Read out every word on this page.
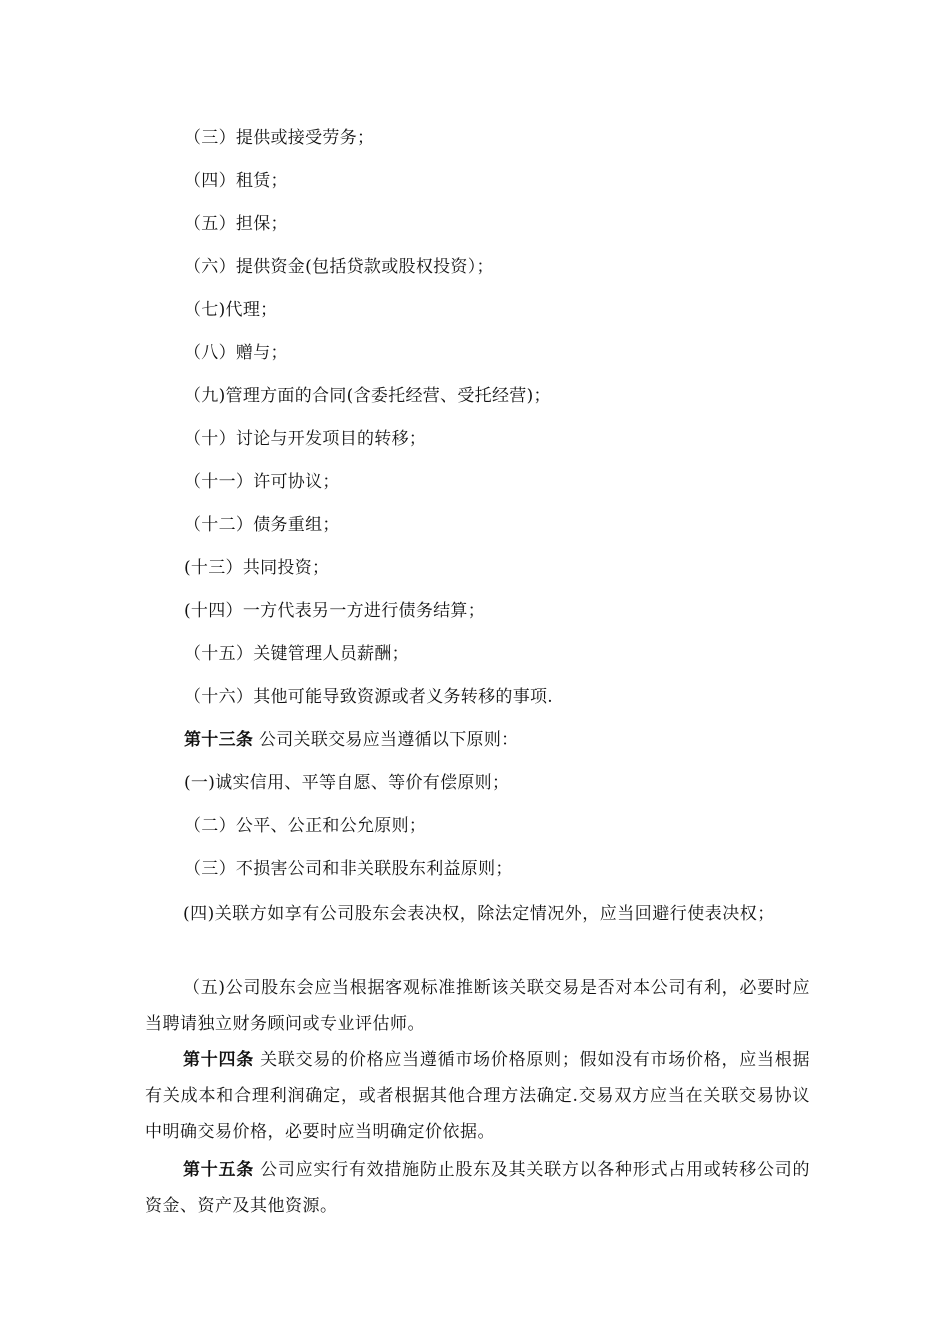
（三）提供或接受劳务；
（四）租赁；
（五）担保；
（六）提供资金(包括贷款或股权投资）；
（七)代理；
（八）赠与；
（九)管理方面的合同(含委托经营、受托经营)；
（十）讨论与开发项目的转移；
（十一）许可协议；
（十二）债务重组；
(十三）共同投资；
(十四）一方代表另一方进行债务结算；
（十五）关键管理人员薪酬；
（十六）其他可能导致资源或者义务转移的事项.
第十三条 公司关联交易应当遵循以下原则：
(一)诚实信用、平等自愿、等价有偿原则；
（二）公平、公正和公允原则；
（三）不损害公司和非关联股东利益原则；
(四)关联方如享有公司股东会表决权，除法定情况外，应当回避行使表决权；
（五)公司股东会应当根据客观标准推断该关联交易是否对本公司有利，必要时应当聘请独立财务顾问或专业评估师。
第十四条 关联交易的价格应当遵循市场价格原则；假如没有市场价格，应当根据有关成本和合理利润确定，或者根据其他合理方法确定.交易双方应当在关联交易协议中明确交易价格，必要时应当明确定价依据。
第十五条 公司应实行有效措施防止股东及其关联方以各种形式占用或转移公司的资金、资产及其他资源。
